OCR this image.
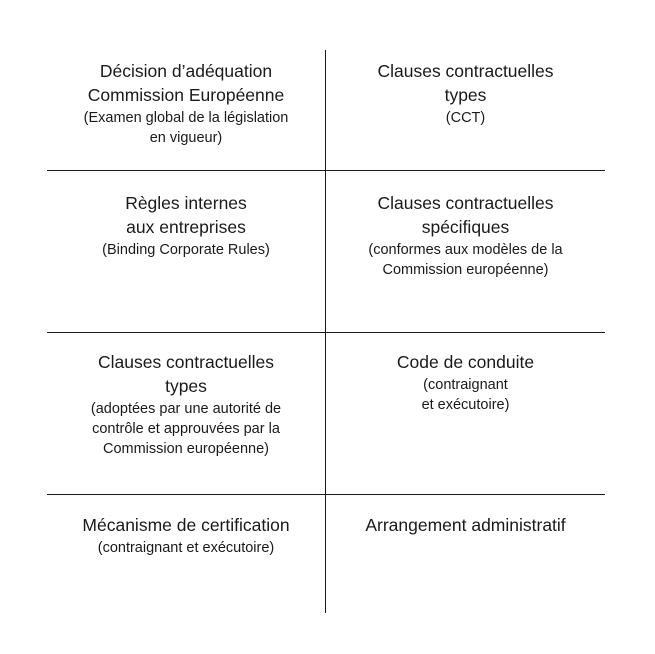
Décision d’adéquation
Commission Européenne
(Examen global de la législation
en vigueur)
Clauses contractuelles
types
(CCT)
Règles internes
aux entreprises
(Binding Corporate Rules)
Clauses contractuelles
spécifiques
(conformes aux modèles de la
Commission européenne)
Clauses contractuelles
types
(adoptées par une autorité de
contrôle et approuvées par la
Commission européenne)
Code de conduite
(contraignant
et exécutoire)
Mécanisme de certification
(contraignant et exécutoire)
Arrangement administratif
